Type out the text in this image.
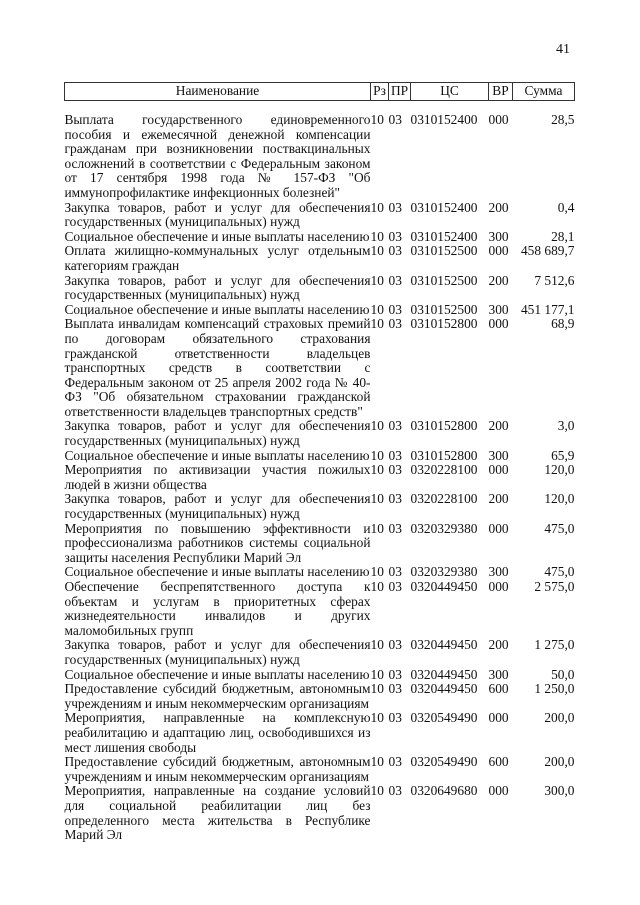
41
Наименование	Рз	ПР	ЦС	ВР	Сумма

Выплата государственного единовременного пособия и ежемесячной денежной компенсации гражданам при возникновении поствакцинальных осложнений в соответствии с Федеральным законом от 17 сентября 1998 года № 157-ФЗ "Об иммунопрофилактике инфекционных болезней"	10	03	0310152400	000	28,5
Закупка товаров, работ и услуг для обеспечения государственных (муниципальных) нужд	10	03	0310152400	200	0,4
Социальное обеспечение и иные выплаты населению	10	03	0310152400	300	28,1
Оплата жилищно-коммунальных услуг отдельным категориям граждан	10	03	0310152500	000	458 689,7
Закупка товаров, работ и услуг для обеспечения государственных (муниципальных) нужд	10	03	0310152500	200	7 512,6
Социальное обеспечение и иные выплаты населению	10	03	0310152500	300	451 177,1
Выплата инвалидам компенсаций страховых премий по договорам обязательного страхования гражданской ответственности владельцев транспортных средств в соответствии с Федеральным законом от 25 апреля 2002 года № 40-ФЗ "Об обязательном страховании гражданской ответственности владельцев транспортных средств"	10	03	0310152800	000	68,9
Закупка товаров, работ и услуг для обеспечения государственных (муниципальных) нужд	10	03	0310152800	200	3,0
Социальное обеспечение и иные выплаты населению	10	03	0310152800	300	65,9
Мероприятия по активизации участия пожилых людей в жизни общества	10	03	0320228100	000	120,0
Закупка товаров, работ и услуг для обеспечения государственных (муниципальных) нужд	10	03	0320228100	200	120,0
Мероприятия по повышению эффективности и профессионализма работников системы социальной защиты населения Республики Марий Эл	10	03	0320329380	000	475,0
Социальное обеспечение и иные выплаты населению	10	03	0320329380	300	475,0
Обеспечение беспрепятственного доступа к объектам и услугам в приоритетных сферах жизнедеятельности инвалидов и других маломобильных групп	10	03	0320449450	000	2 575,0
Закупка товаров, работ и услуг для обеспечения государственных (муниципальных) нужд	10	03	0320449450	200	1 275,0
Социальное обеспечение и иные выплаты населению	10	03	0320449450	300	50,0
Предоставление субсидий бюджетным, автономным учреждениям и иным некоммерческим организациям	10	03	0320449450	600	1 250,0
Мероприятия, направленные на комплексную реабилитацию и адаптацию лиц, освободившихся из мест лишения свободы	10	03	0320549490	000	200,0
Предоставление субсидий бюджетным, автономным учреждениям и иным некоммерческим организациям	10	03	0320549490	600	200,0
Мероприятия, направленные на создание условий для социальной реабилитации лиц без определенного места жительства в Республике Марий Эл	10	03	0320649680	000	300,0
